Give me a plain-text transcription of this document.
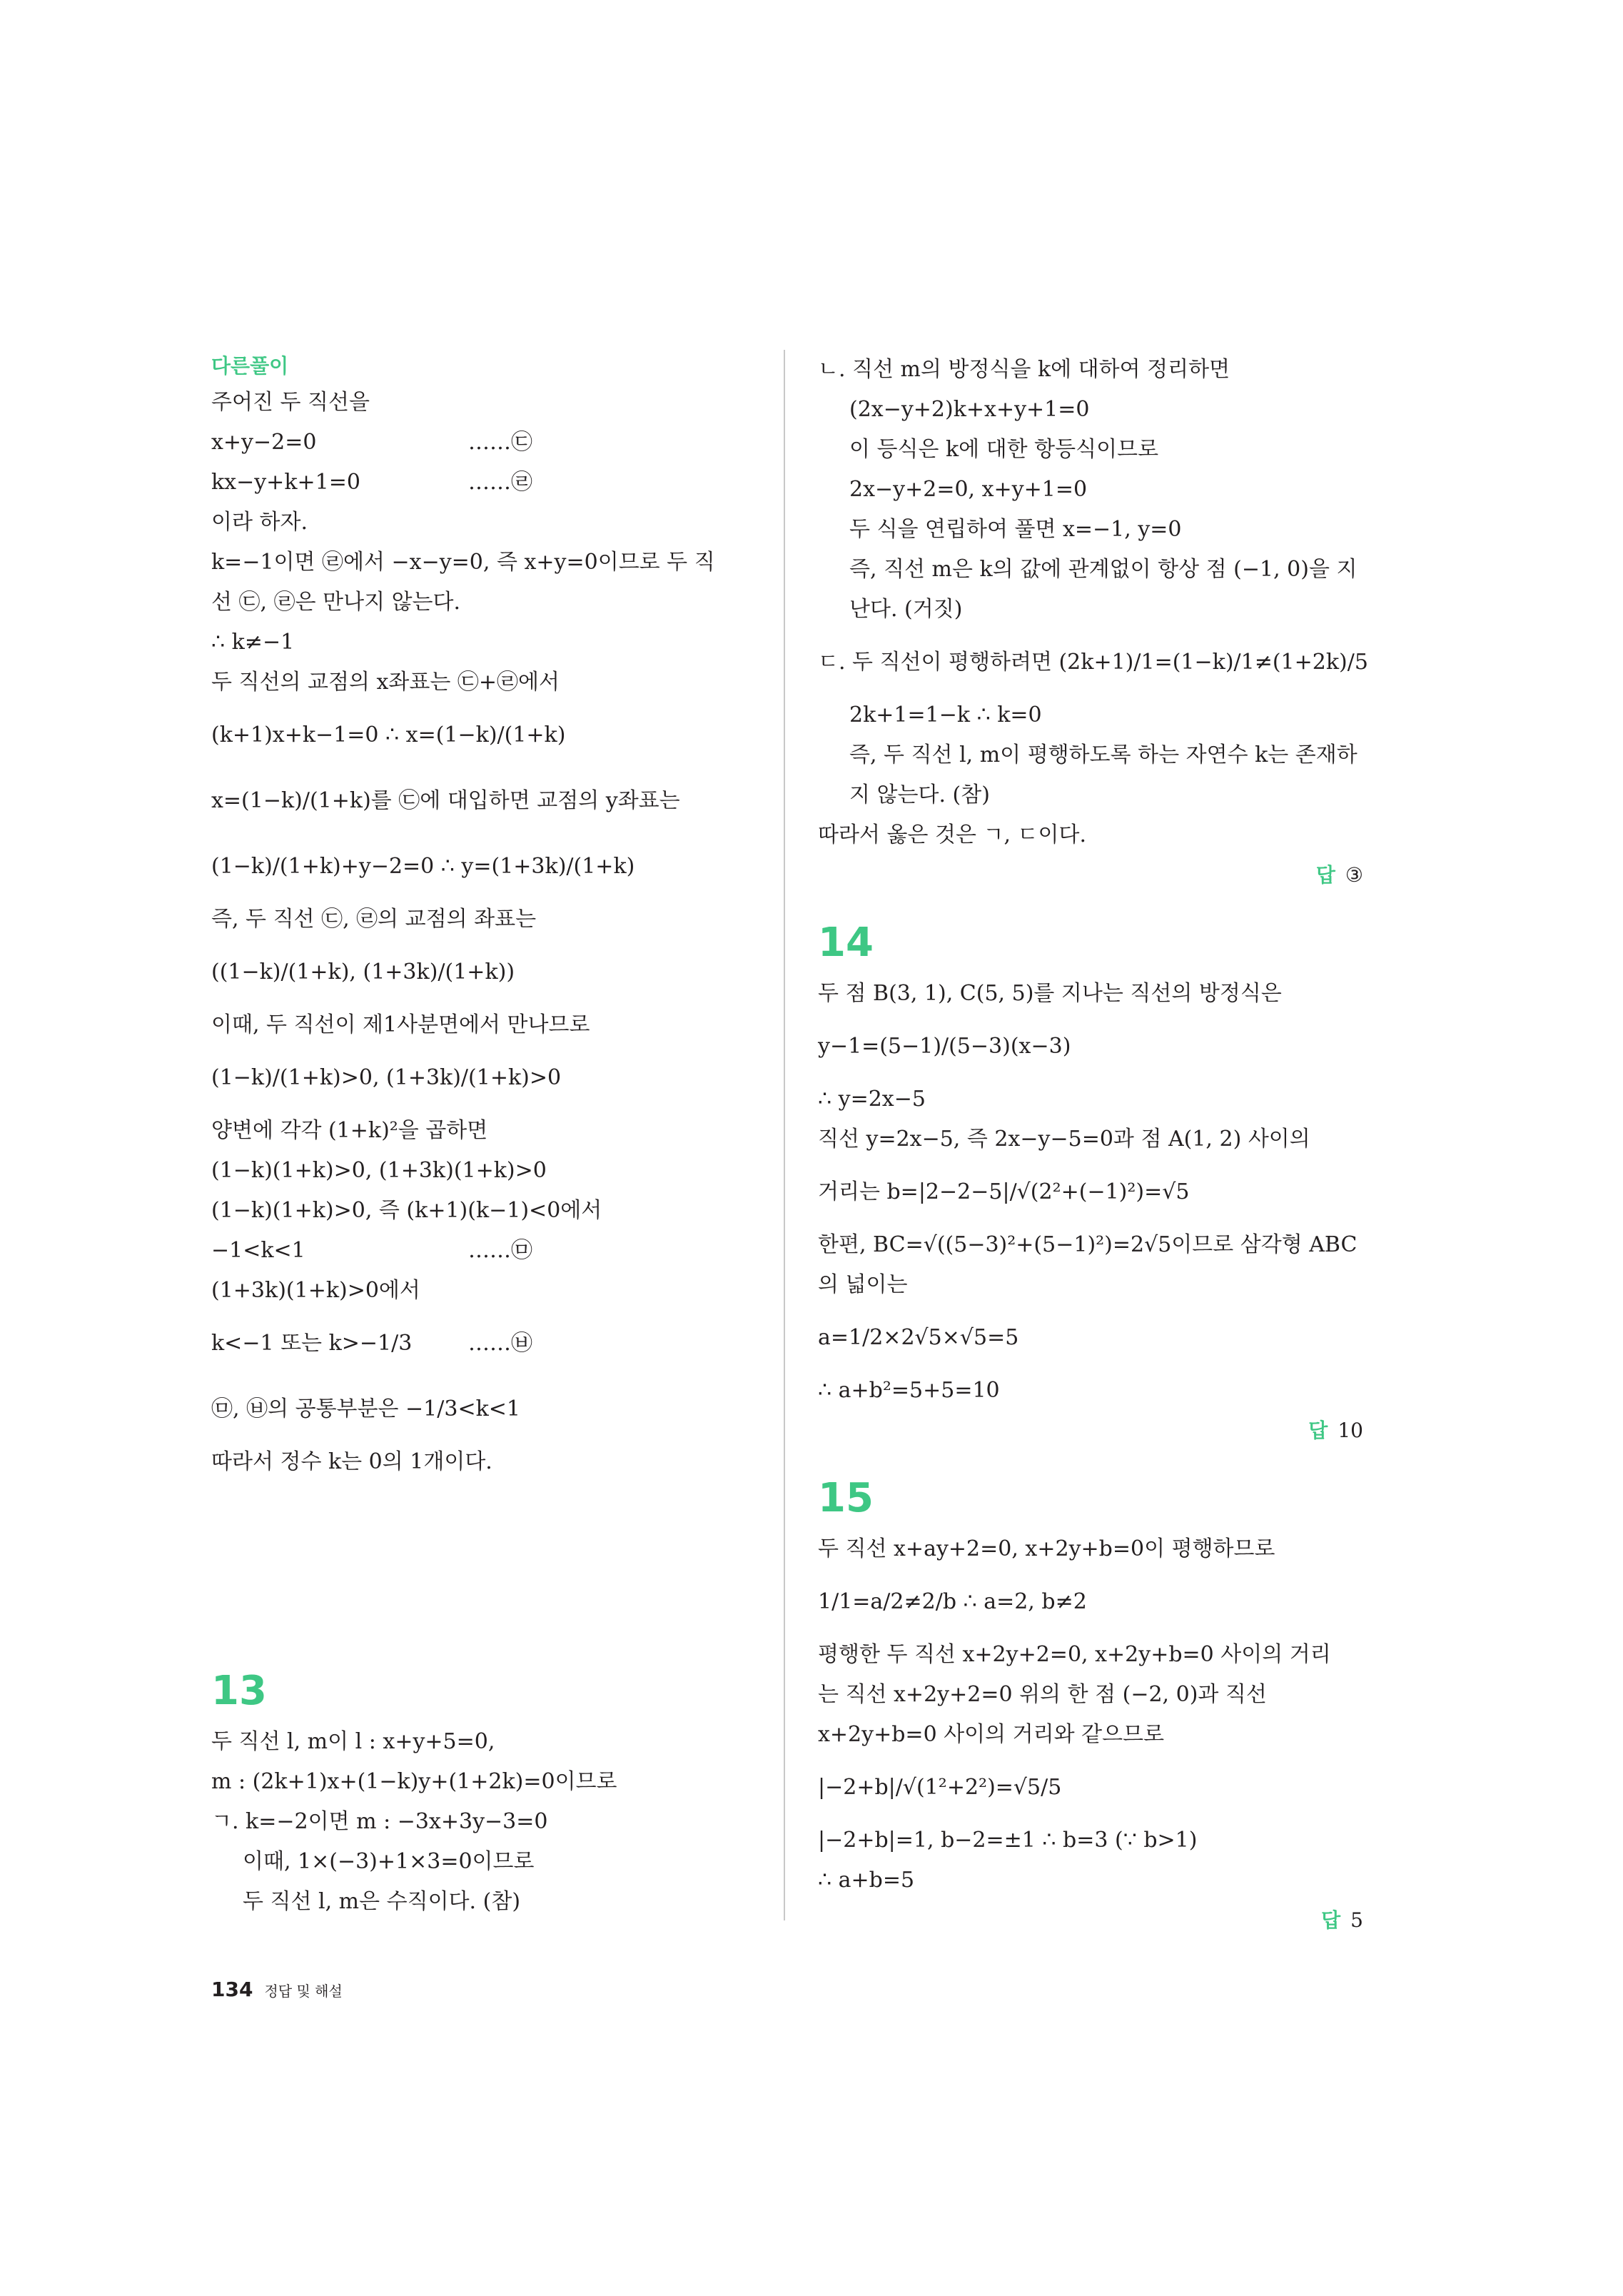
다른풀이
주어진 두 직선을
x+y−2=0	……㉢
kx−y+k+1=0	……㉣
이라 하자.
k=−1이면 ㉣에서 −x−y=0, 즉 x+y=0이므로 두 직
선 ㉢, ㉣은 만나지 않는다.
∴ k≠−1
두 직선의 교점의 x좌표는 ㉢+㉣에서
(k+1)x+k−1=0 ∴ x=(1−k)/(1+k)
x=(1−k)/(1+k)를 ㉢에 대입하면 교점의 y좌표는
(1−k)/(1+k)+y−2=0 ∴ y=(1+3k)/(1+k)
즉, 두 직선 ㉢, ㉣의 교점의 좌표는
((1−k)/(1+k), (1+3k)/(1+k))
이때, 두 직선이 제1사분면에서 만나므로
(1−k)/(1+k)>0, (1+3k)/(1+k)>0
양변에 각각 (1+k)²을 곱하면
(1−k)(1+k)>0, (1+3k)(1+k)>0
(1−k)(1+k)>0, 즉 (k+1)(k−1)<0에서
−1<k<1	……㉤
(1+3k)(1+k)>0에서
k<−1 또는 k>−1/3	……㉥
㉤, ㉥의 공통부분은 −1/3<k<1
따라서 정수 k는 0의 1개이다.
13
두 직선 l, m이 l : x+y+5=0,
m : (2k+1)x+(1−k)y+(1+2k)=0이므로
ㄱ. k=−2이면 m : −3x+3y−3=0
이때, 1×(−3)+1×3=0이므로
두 직선 l, m은 수직이다. (참)
ㄴ. 직선 m의 방정식을 k에 대하여 정리하면
(2x−y+2)k+x+y+1=0
이 등식은 k에 대한 항등식이므로
2x−y+2=0, x+y+1=0
두 식을 연립하여 풀면 x=−1, y=0
즉, 직선 m은 k의 값에 관계없이 항상 점 (−1, 0)을 지
난다. (거짓)
ㄷ. 두 직선이 평행하려면 (2k+1)/1=(1−k)/1≠(1+2k)/5
2k+1=1−k ∴ k=0
즉, 두 직선 l, m이 평행하도록 하는 자연수 k는 존재하
지 않는다. (참)
따라서 옳은 것은 ㄱ, ㄷ이다.
답 ③
14
두 점 B(3, 1), C(5, 5)를 지나는 직선의 방정식은
y−1=(5−1)/(5−3)(x−3)
∴ y=2x−5
직선 y=2x−5, 즉 2x−y−5=0과 점 A(1, 2) 사이의
거리는 b=|2−2−5|/√(2²+(−1)²)=√5
한편, BC=√((5−3)²+(5−1)²)=2√5이므로 삼각형 ABC
의 넓이는
a=1/2×2√5×√5=5
∴ a+b²=5+5=10
답 10
15
두 직선 x+ay+2=0, x+2y+b=0이 평행하므로
1/1=a/2≠2/b ∴ a=2, b≠2
평행한 두 직선 x+2y+2=0, x+2y+b=0 사이의 거리
는 직선 x+2y+2=0 위의 한 점 (−2, 0)과 직선
x+2y+b=0 사이의 거리와 같으므로
|−2+b|/√(1²+2²)=√5/5
|−2+b|=1, b−2=±1 ∴ b=3 (∵ b>1)
∴ a+b=5
답 5
134 정답 및 해설
